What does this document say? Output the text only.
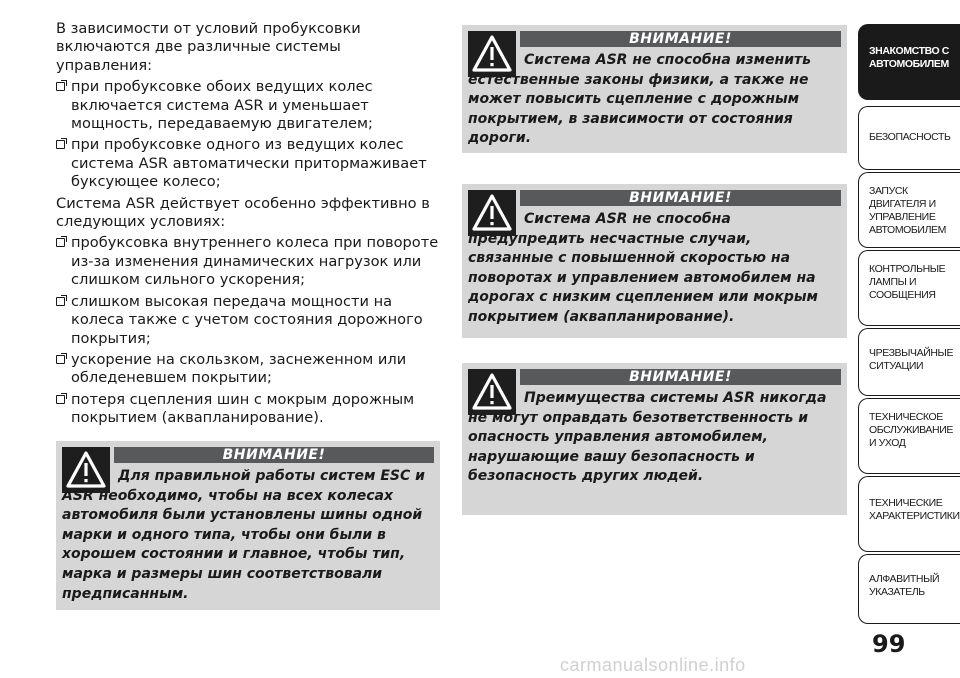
В зависимости от условий пробуксовки включаются две различные системы управления:

при пробуксовке обоих ведущих колес включается система ASR и уменьшает мощность, передаваемую двигателем;
при пробуксовке одного из ведущих колес система ASR автоматически притормаживает буксующее колесо;

Система ASR действует особенно эффективно в следующих условиях:

пробуксовка внутреннего колеса при повороте из-за изменения динамических нагрузок или слишком сильного ускорения;
слишком высокая передача мощности на колеса также с учетом состояния дорожного покрытия;
ускорение на скользком, заснеженном или обледеневшем покрытии;
потеря сцепления шин с мокрым дорожным покрытием (аквапланирование).
ВНИМАНИЕ!
Для правильной работы систем ESC и ASR необходимо, чтобы на всех колесах автомобиля были установлены шины одной марки и одного типа, чтобы они были в хорошем состоянии и главное, чтобы тип, марка и размеры шин соответствовали предписанным.
ВНИМАНИЕ!
Система ASR не способна изменить естественные законы физики, а также не может повысить сцепление с дорожным покрытием, в зависимости от состояния дороги.
ВНИМАНИЕ!
Система ASR не способна предупредить несчастные случаи, связанные с повышенной скоростью на поворотах и управлением автомобилем на дорогах с низким сцеплением или мокрым покрытием (аквапланирование).
ВНИМАНИЕ!
Преимущества системы ASR никогда не могут оправдать безответственность и опасность управления автомобилем, нарушающие вашу безопасность и безопасность других людей.
ЗНАКОМСТВО С АВТОМОБИЛЕМ
БЕЗОПАСНОСТЬ
ЗАПУСК ДВИГАТЕЛЯ И УПРАВЛЕНИЕ АВТОМОБИЛЕМ
КОНТРОЛЬНЫЕ ЛАМПЫ И СООБЩЕНИЯ
ЧРЕЗВЫЧАЙНЫЕ СИТУАЦИИ
ТЕХНИЧЕСКОЕ ОБСЛУЖИВАНИЕ И УХОД
ТЕХНИЧЕСКИЕ ХАРАКТЕРИСТИКИ
АЛФАВИТНЫЙ УКАЗАТЕЛЬ
99
carmanualsonline.info
